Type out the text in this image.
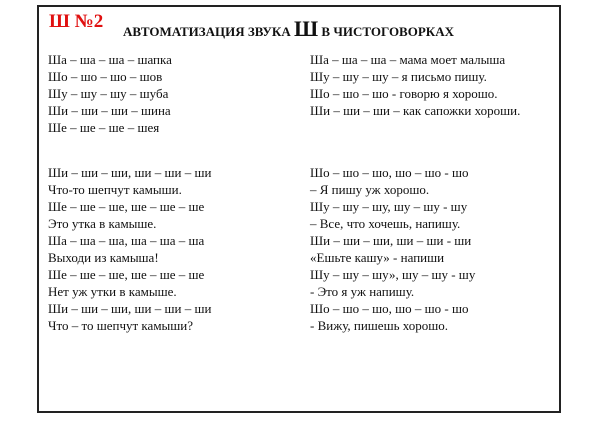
Ш №2 АВТОМАТИЗАЦИЯ ЗВУКА Ш В ЧИСТОГОВОРКАХ
Ша – ша – ша – шапка
Шо – шо – шо – шов
Шу – шу – шу – шуба
Ши – ши – ши – шина
Ше – ше – ше – шея
Ша – ша – ша – мама моет малыша
Шу – шу – шу – я письмо пишу.
Шо – шо – шо - говорю я хорошо.
Ши – ши – ши – как сапожки хороши.
Ши – ши – ши, ши – ши – ши
Что-то шепчут камыши.
Ше – ше – ше, ше – ше – ше
Это утка в камыше.
Ша – ша – ша, ша – ша – ша
Выходи из камыша!
Ше – ше – ше, ше – ше – ше
Нет уж утки в камыше.
Ши – ши – ши, ши – ши – ши
Что – то шепчут камыши?
Шо – шо – шо, шо – шо - шо
– Я пишу уж хорошо.
Шу – шу – шу, шу – шу - шу
– Все, что хочешь, напишу.
Ши – ши – ши, ши – ши - ши
«Ешьте кашу» - напиши
Шу – шу – шу», шу – шу - шу
- Это я уж напишу.
Шо – шо – шо, шо – шо - шо
- Вижу, пишешь хорошо.
